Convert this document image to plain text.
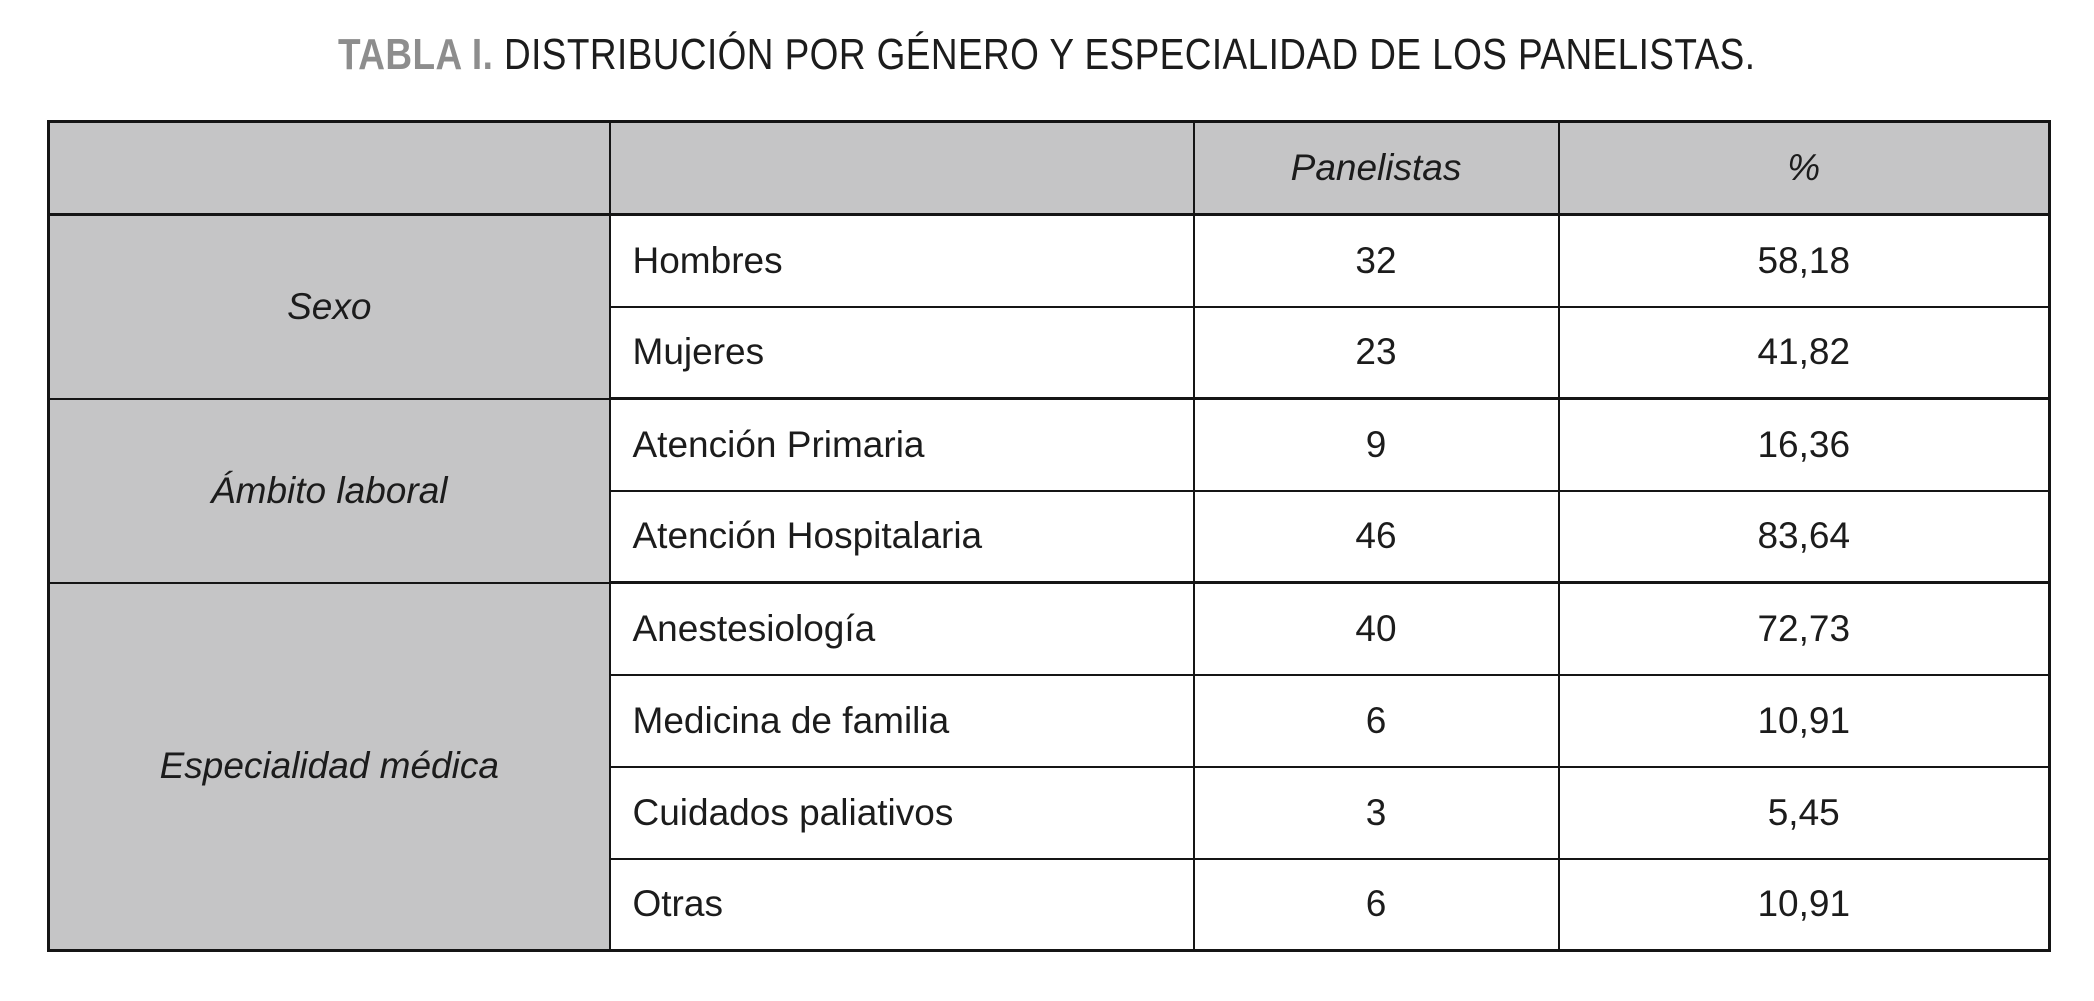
TABLA I. DISTRIBUCIÓN POR GÉNERO Y ESPECIALIDAD DE LOS PANELISTAS.
		Panelistas	%
Sexo	Hombres	32	58,18
	Mujeres	23	41,82
Ámbito laboral	Atención Primaria	9	16,36
	Atención Hospitalaria	46	83,64
Especialidad médica	Anestesiología	40	72,73
	Medicina de familia	6	10,91
	Cuidados paliativos	3	5,45
	Otras	6	10,91
